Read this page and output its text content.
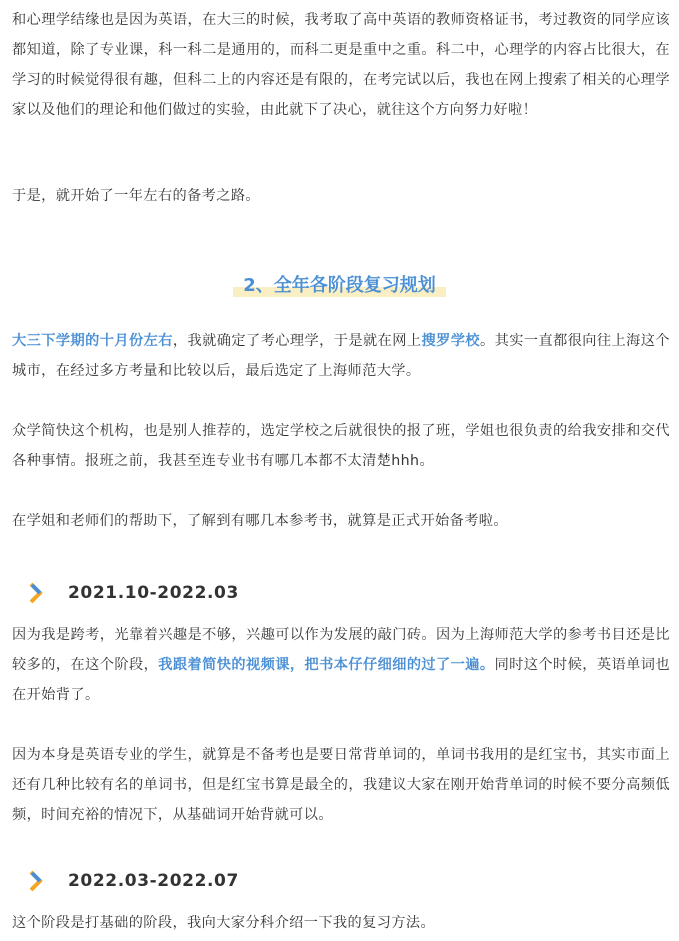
和心理学结缘也是因为英语，在大三的时候，我考取了高中英语的教师资格证书，考过教资的同学应该都知道，除了专业课，科一科二是通用的，而科二更是重中之重。科二中，心理学的内容占比很大，在学习的时候觉得很有趣，但科二上的内容还是有限的，在考完试以后，我也在网上搜索了相关的心理学家以及他们的理论和他们做过的实验，由此就下了决心，就往这个方向努力好啦！

于是，就开始了一年左右的备考之路。

2、全年各阶段复习规划

大三下学期的十月份左右，我就确定了考心理学，于是就在网上搜罗学校。其实一直都很向往上海这个城市，在经过多方考量和比较以后，最后选定了上海师范大学。

众学简快这个机构，也是别人推荐的，选定学校之后就很快的报了班，学姐也很负责的给我安排和交代各种事情。报班之前，我甚至连专业书有哪几本都不太清楚hhh。

在学姐和老师们的帮助下，了解到有哪几本参考书，就算是正式开始备考啦。

2021.10-2022.03

因为我是跨考，光靠着兴趣是不够，兴趣可以作为发展的敲门砖。因为上海师范大学的参考书目还是比较多的，在这个阶段，我跟着简快的视频课，把书本仔仔细细的过了一遍。同时这个时候，英语单词也在开始背了。

因为本身是英语专业的学生，就算是不备考也是要日常背单词的，单词书我用的是红宝书，其实市面上还有几种比较有名的单词书，但是红宝书算是最全的，我建议大家在刚开始背单词的时候不要分高频低频，时间充裕的情况下，从基础词开始背就可以。

2022.03-2022.07

这个阶段是打基础的阶段，我向大家分科介绍一下我的复习方法。
